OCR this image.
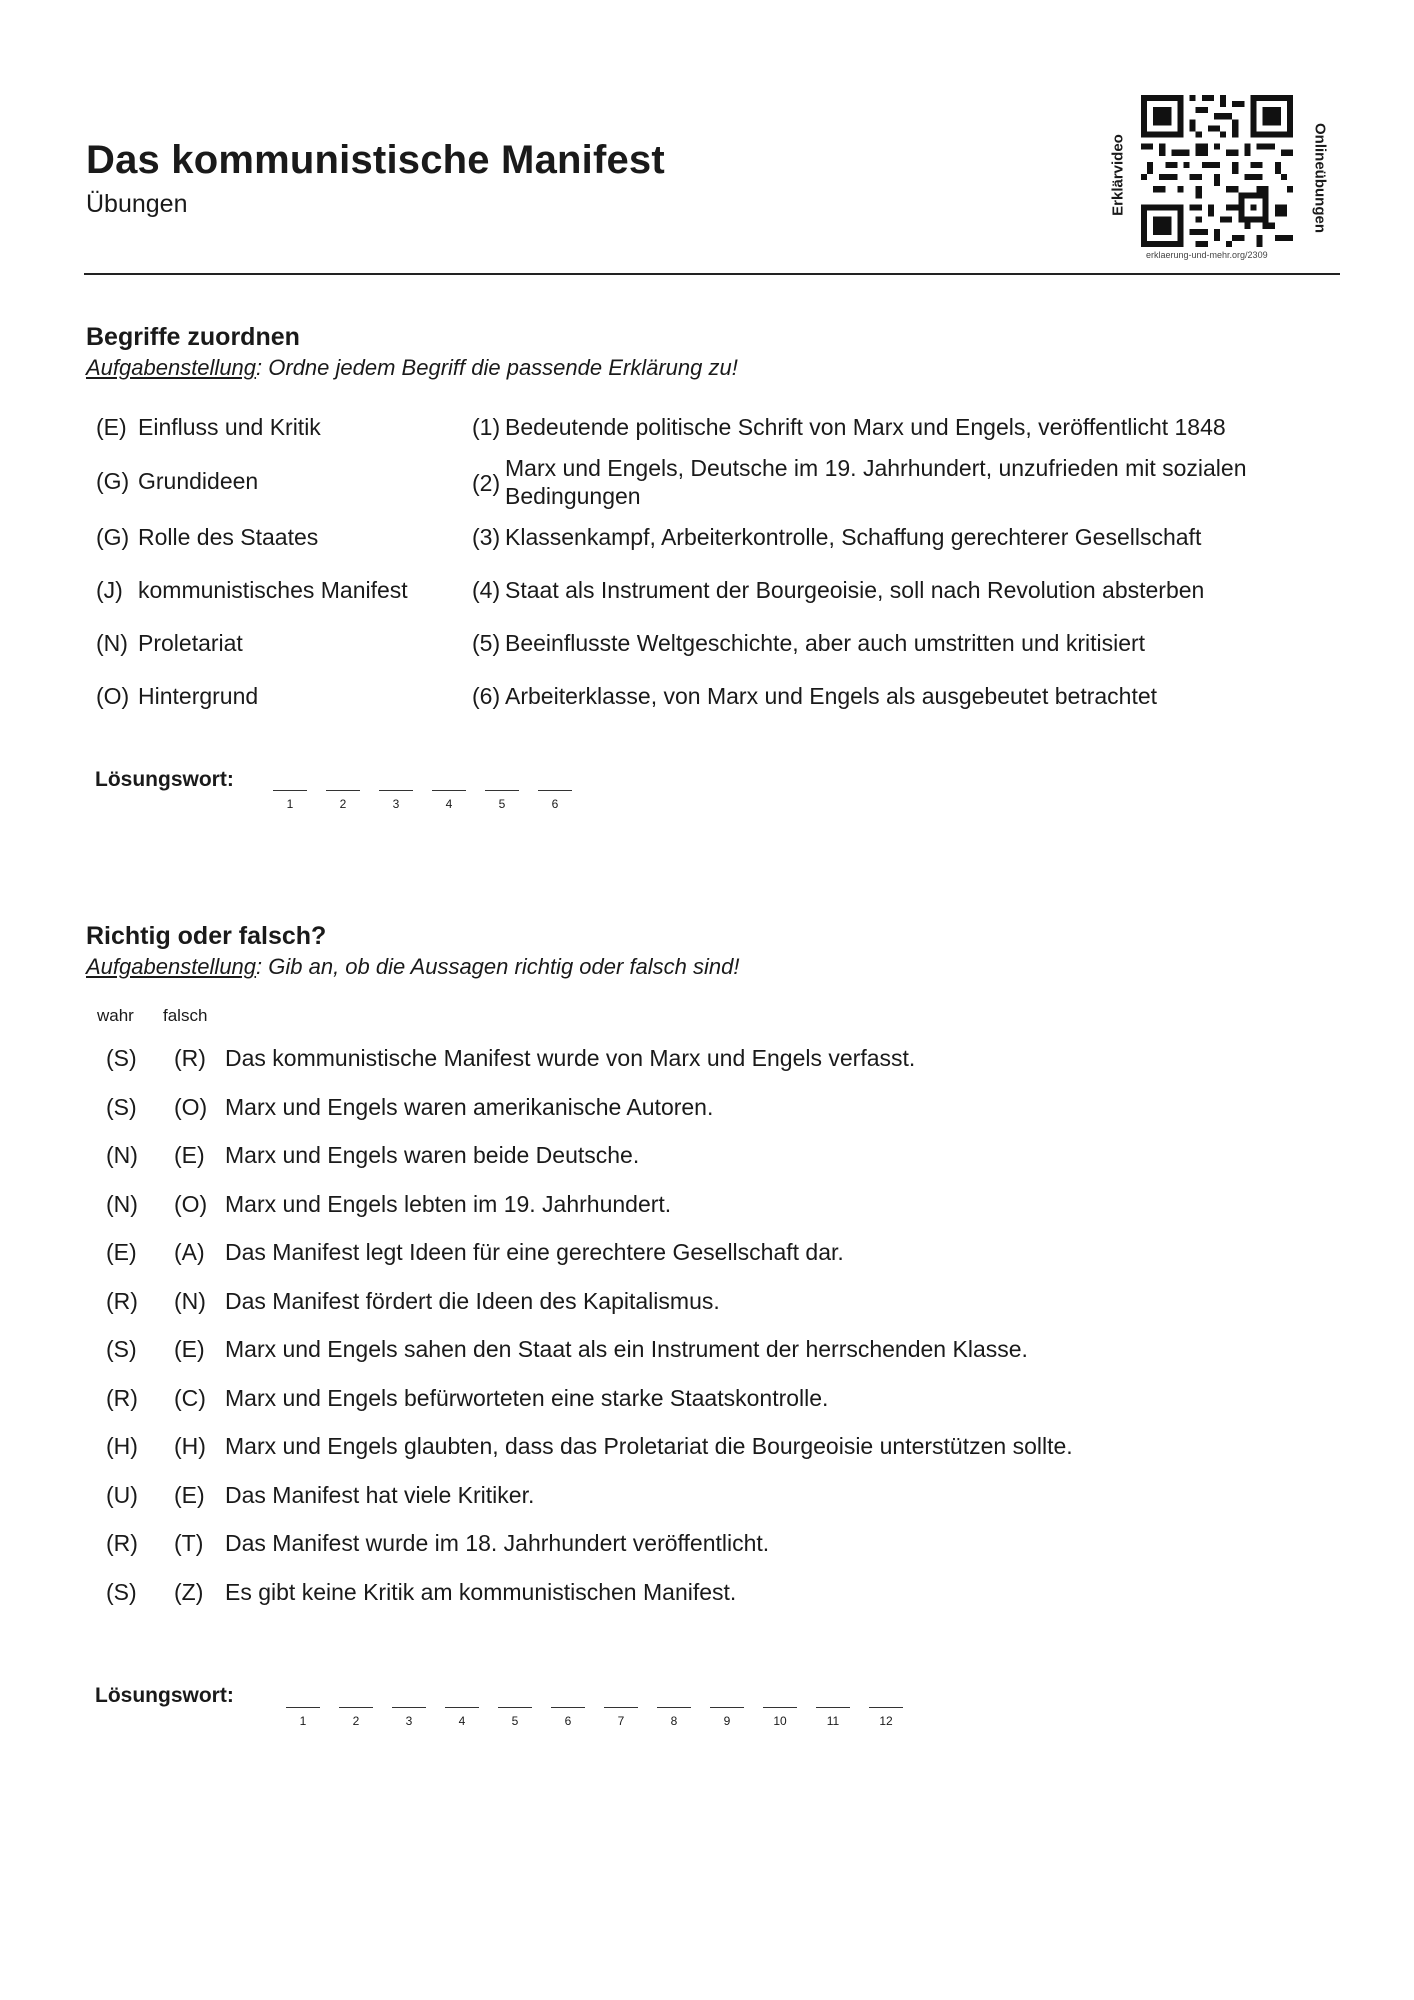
Das kommunistische Manifest
Übungen	Erklärvideo	Onlineübungen
erklaerung-und-mehr.org/2309
Begriffe zuordnen
Aufgabenstellung: Ordne jedem Begriff die passende Erklärung zu!
(E) Einfluss und Kritik	(1) Bedeutende politische Schrift von Marx und Engels, veröffentlicht 1848
(G) Grundideen	(2)
Marx und Engels, Deutsche im 19. Jahrhundert, unzufrieden mit sozialen
Bedingungen
(G) Rolle des Staates	(3) Klassenkampf, Arbeiterkontrolle, Schaffung gerechterer Gesellschaft
(J) kommunistisches Manifest	(4) Staat als Instrument der Bourgeoisie, soll nach Revolution absterben
(N) Proletariat	(5) Beeinflusste Weltgeschichte, aber auch umstritten und kritisiert
(O) Hintergrund	(6) Arbeiterklasse, von Marx und Engels als ausgebeutet betrachtet
Lösungswort:
1	2	3	4	5	6
Richtig oder falsch?
Aufgabenstellung: Gib an, ob die Aussagen richtig oder falsch sind!
wahr falsch
(S) (R) Das kommunistische Manifest wurde von Marx und Engels verfasst.
(S) (O) Marx und Engels waren amerikanische Autoren.
(N) (E) Marx und Engels waren beide Deutsche.
(N) (O) Marx und Engels lebten im 19. Jahrhundert.
(E) (A) Das Manifest legt Ideen für eine gerechtere Gesellschaft dar.
(R) (N) Das Manifest fördert die Ideen des Kapitalismus.
(S) (E) Marx und Engels sahen den Staat als ein Instrument der herrschenden Klasse.
(R) (C) Marx und Engels befürworteten eine starke Staatskontrolle.
(H) (H) Marx und Engels glaubten, dass das Proletariat die Bourgeoisie unterstützen sollte.
(U) (E) Das Manifest hat viele Kritiker.
(R) (T) Das Manifest wurde im 18. Jahrhundert veröffentlicht.
(S) (Z) Es gibt keine Kritik am kommunistischen Manifest.
Lösungswort:
1	2	3	4	5	6	7	8	9	10	11	12
